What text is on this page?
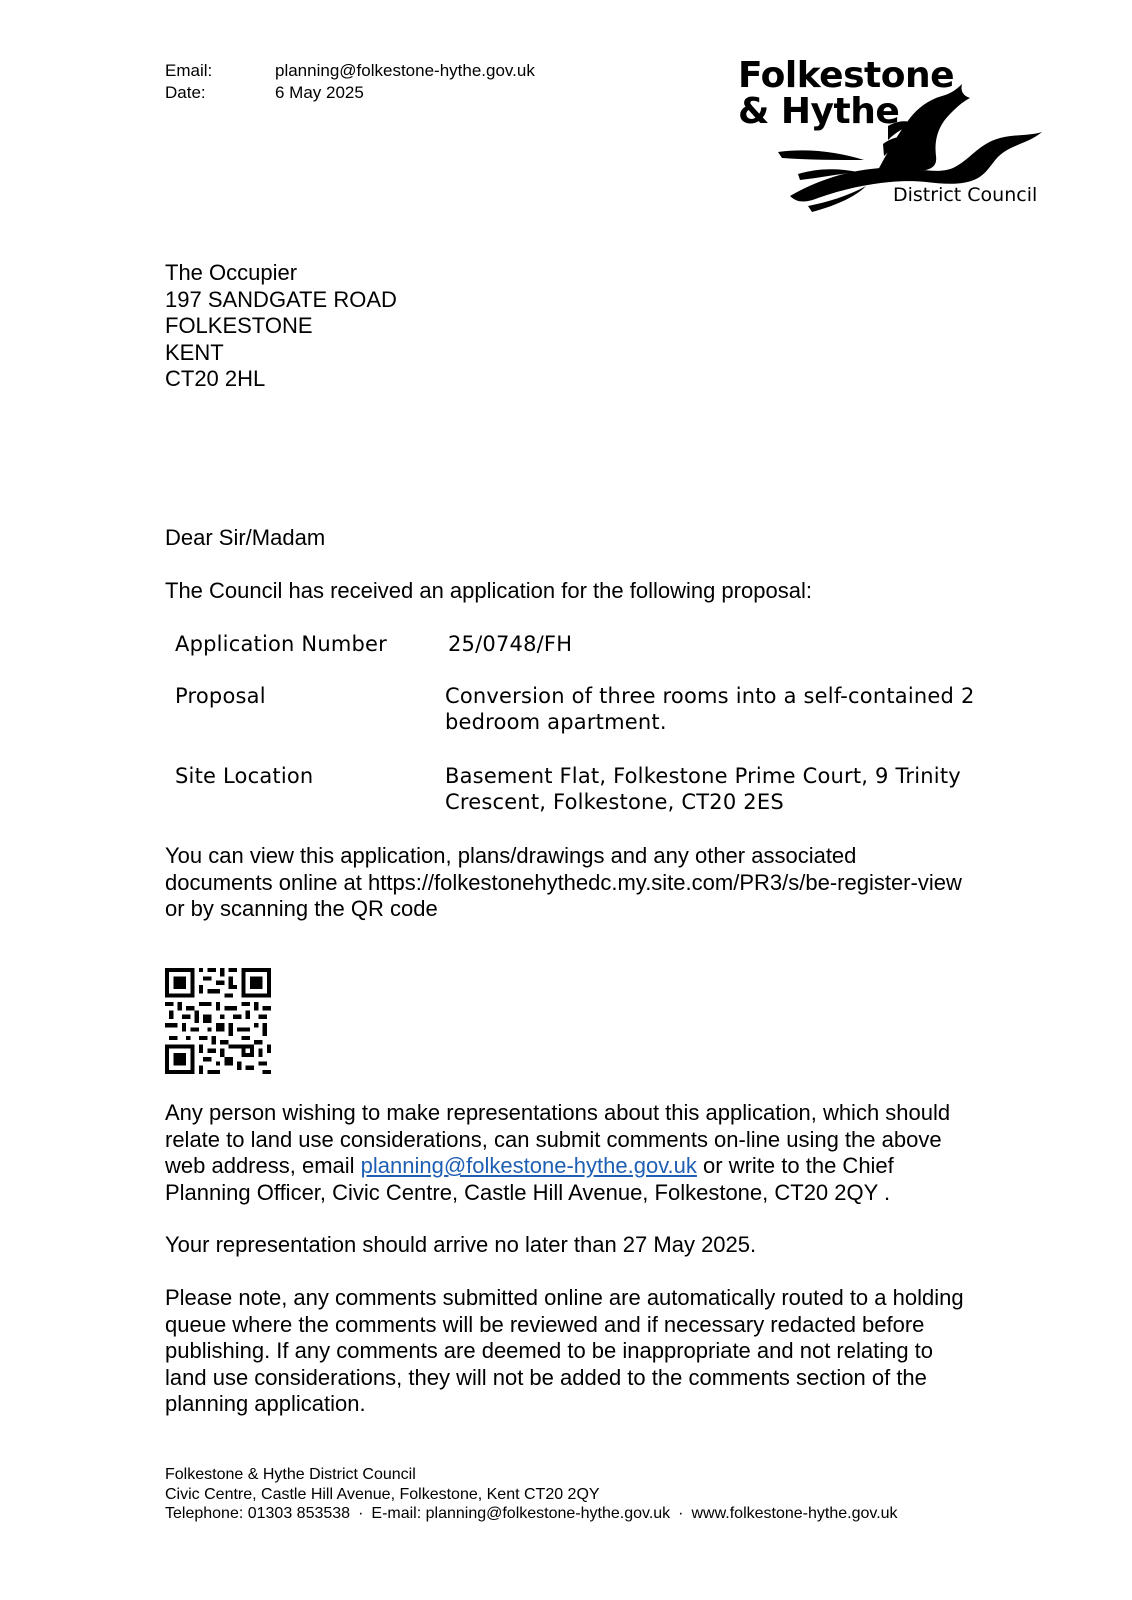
Email:	planning@folkestone-hythe.gov.uk
Date:	6 May 2025	Folkestone
& Hythe
District Council
The Occupier
197 SANDGATE ROAD
FOLKESTONE
KENT
CT20 2HL
Dear Sir/Madam
The Council has received an application for the following proposal:
Application Number	25/0748/FH
Proposal	Conversion of three rooms into a self-contained 2 bedroom apartment.
Site Location	Basement Flat, Folkestone Prime Court, 9 Trinity Crescent, Folkestone, CT20 2ES
You can view this application, plans/drawings and any other associated
documents online at https://folkestonehythedc.my.site.com/PR3/s/be-register-view
or by scanning the QR code
Any person wishing to make representations about this application, which should
relate to land use considerations, can submit comments on-line using the above
web address, email planning@folkestone-hythe.gov.uk or write to the Chief
Planning Officer, Civic Centre, Castle Hill Avenue, Folkestone, CT20 2QY .
Your representation should arrive no later than 27 May 2025.
Please note, any comments submitted online are automatically routed to a holding
queue where the comments will be reviewed and if necessary redacted before
publishing. If any comments are deemed to be inappropriate and not relating to
land use considerations, they will not be added to the comments section of the
planning application.
Folkestone & Hythe District Council
Civic Centre, Castle Hill Avenue, Folkestone, Kent CT20 2QY
Telephone: 01303 853538 · E-mail: planning@folkestone-hythe.gov.uk · www.folkestone-hythe.gov.uk
